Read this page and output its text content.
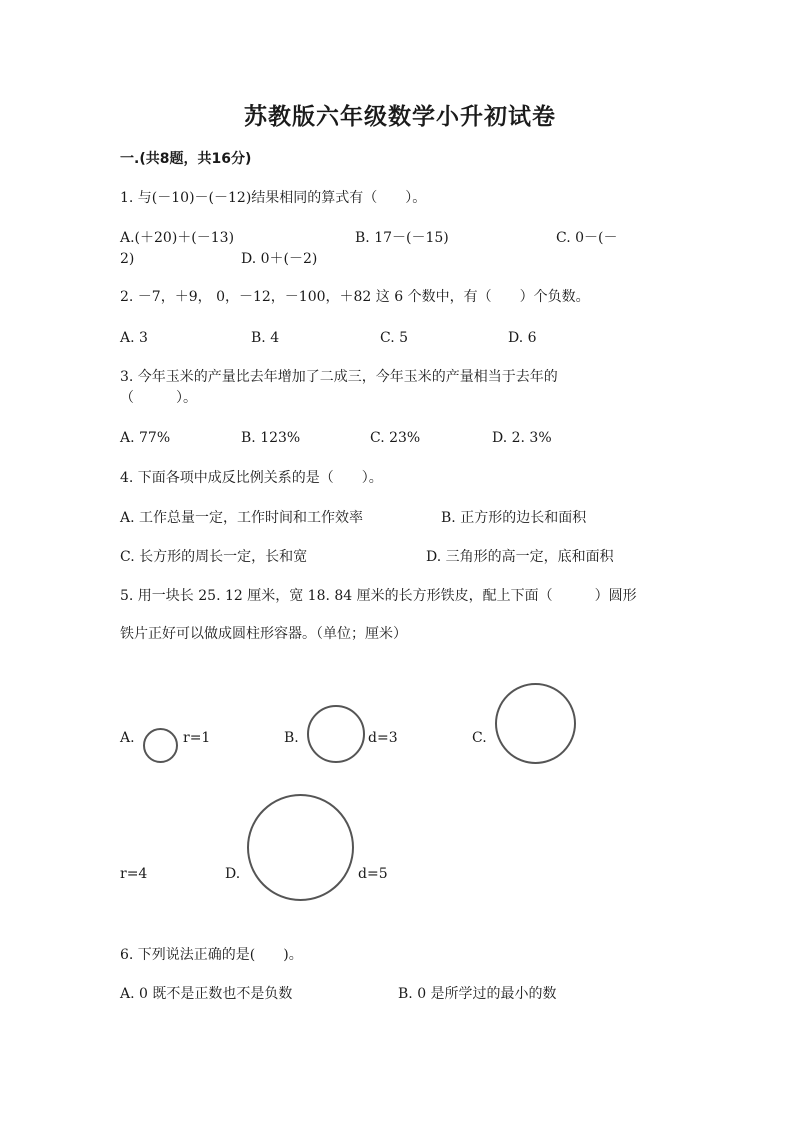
苏教版六年级数学小升初试卷
一.(共8题，共16分)
1. 与(－10)－(－12)结果相同的算式有（　　）。
A.(＋20)＋(－13)	B. 17－(－15)	C. 0－(－
2)	D. 0＋(－2)
2. －7，＋9， 0，－12，－100，＋82 这 6 个数中，有（　　）个负数。
A. 3	B. 4	C. 5	D. 6
3. 今年玉米的产量比去年增加了二成三，今年玉米的产量相当于去年的
（　　　）。
A. 77%	B. 123%	C. 23%	D. 2. 3%
4. 下面各项中成反比例关系的是（　　）。
A. 工作总量一定，工作时间和工作效率	B. 正方形的边长和面积
C. 长方形的周长一定，长和宽	D. 三角形的高一定，底和面积
5. 用一块长 25. 12 厘米，宽 18. 84 厘米的长方形铁皮，配上下面（　　　）圆形
铁片正好可以做成圆柱形容器。（单位；厘米）
A.	r=1	B.	d=3	C.
r=4	D.	d=5
6. 下列说法正确的是(　　)。
A. 0 既不是正数也不是负数	B. 0 是所学过的最小的数
